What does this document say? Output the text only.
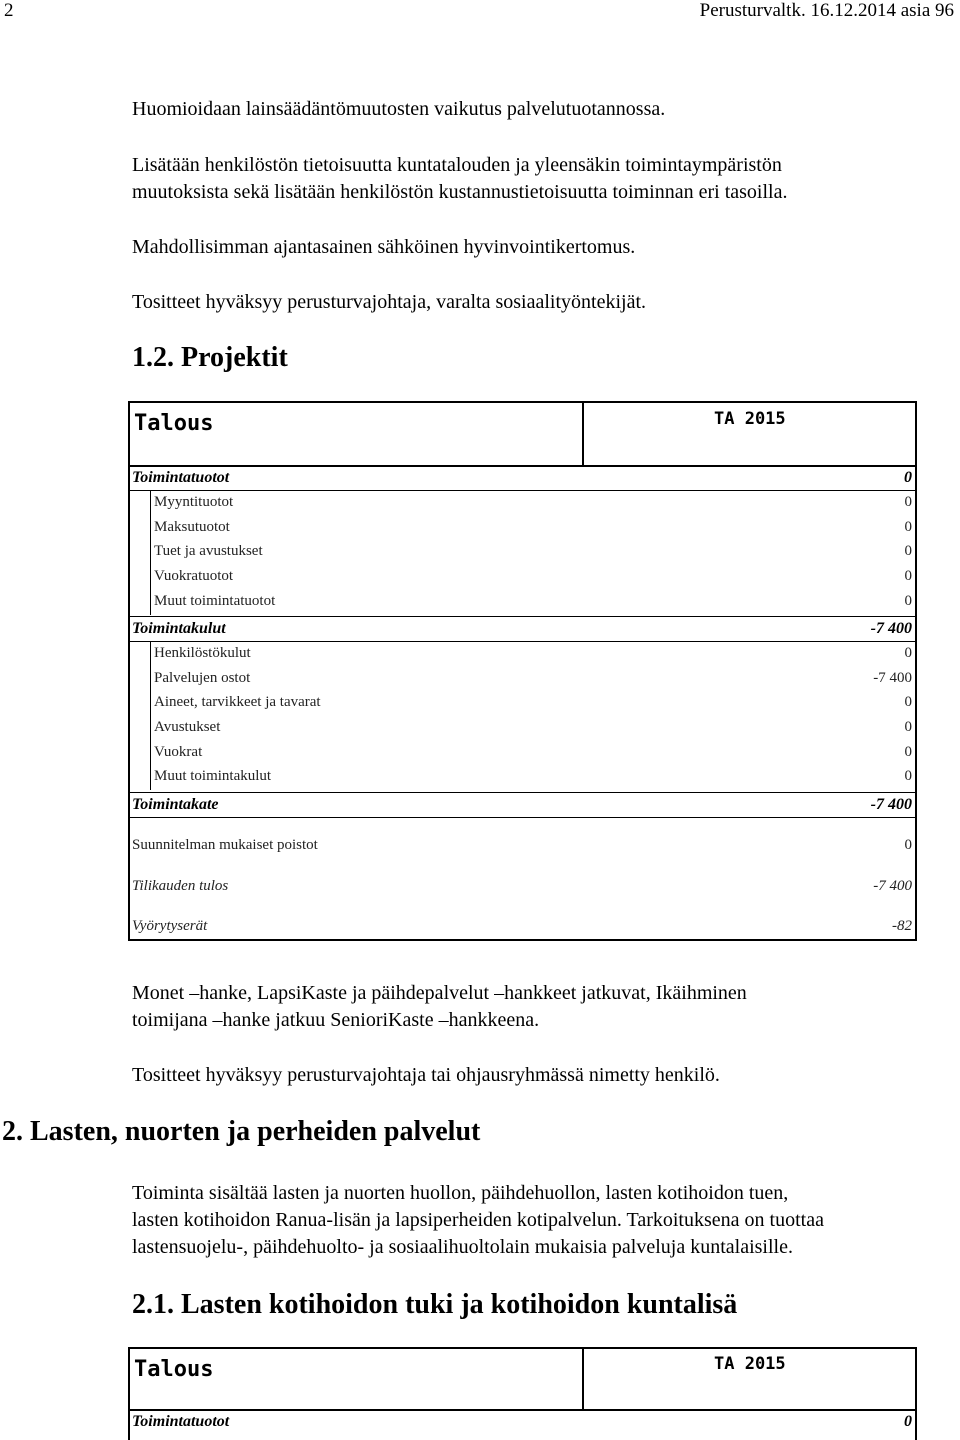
2	Perusturvaltk. 16.12.2014 asia 96
Huomioidaan lainsäädäntömuutosten vaikutus palvelutuotannossa.
Lisätään henkilöstön tietoisuutta kuntatalouden ja yleensäkin toimintaympäristön
muutoksista sekä lisätään henkilöstön kustannustietoisuutta toiminnan eri tasoilla.
Mahdollisimman ajantasainen sähköinen hyvinvointikertomus.
Tositteet hyväksyy perusturvajohtaja, varalta sosiaalityöntekijät.
1.2. Projektit
Talous	TA 2015
Toimintatuotot	0
Myyntituotot	0
Maksutuotot	0
Tuet ja avustukset	0
Vuokratuotot	0
Muut toimintatuotot	0
Toimintakulut	-7 400
Henkilöstökulut	0
Palvelujen ostot	-7 400
Aineet, tarvikkeet ja tavarat	0
Avustukset	0
Vuokrat	0
Muut toimintakulut	0
Toimintakate	-7 400
Suunnitelman mukaiset poistot	0
Tilikauden tulos	-7 400
Vyörytyserät	-82
Monet –hanke, LapsiKaste ja päihdepalvelut –hankkeet jatkuvat, Ikäihminen
toimijana –hanke jatkuu SenioriKaste –hankkeena.
Tositteet hyväksyy perusturvajohtaja tai ohjausryhmässä nimetty henkilö.
2. Lasten, nuorten ja perheiden palvelut
Toiminta sisältää lasten ja nuorten huollon, päihdehuollon, lasten kotihoidon tuen,
lasten kotihoidon Ranua-lisän ja lapsiperheiden kotipalvelun. Tarkoituksena on tuottaa
lastensuojelu-, päihdehuolto- ja sosiaalihuoltolain mukaisia palveluja kuntalaisille.
2.1. Lasten kotihoidon tuki ja kotihoidon kuntalisä
Talous	TA 2015
Toimintatuotot	0
